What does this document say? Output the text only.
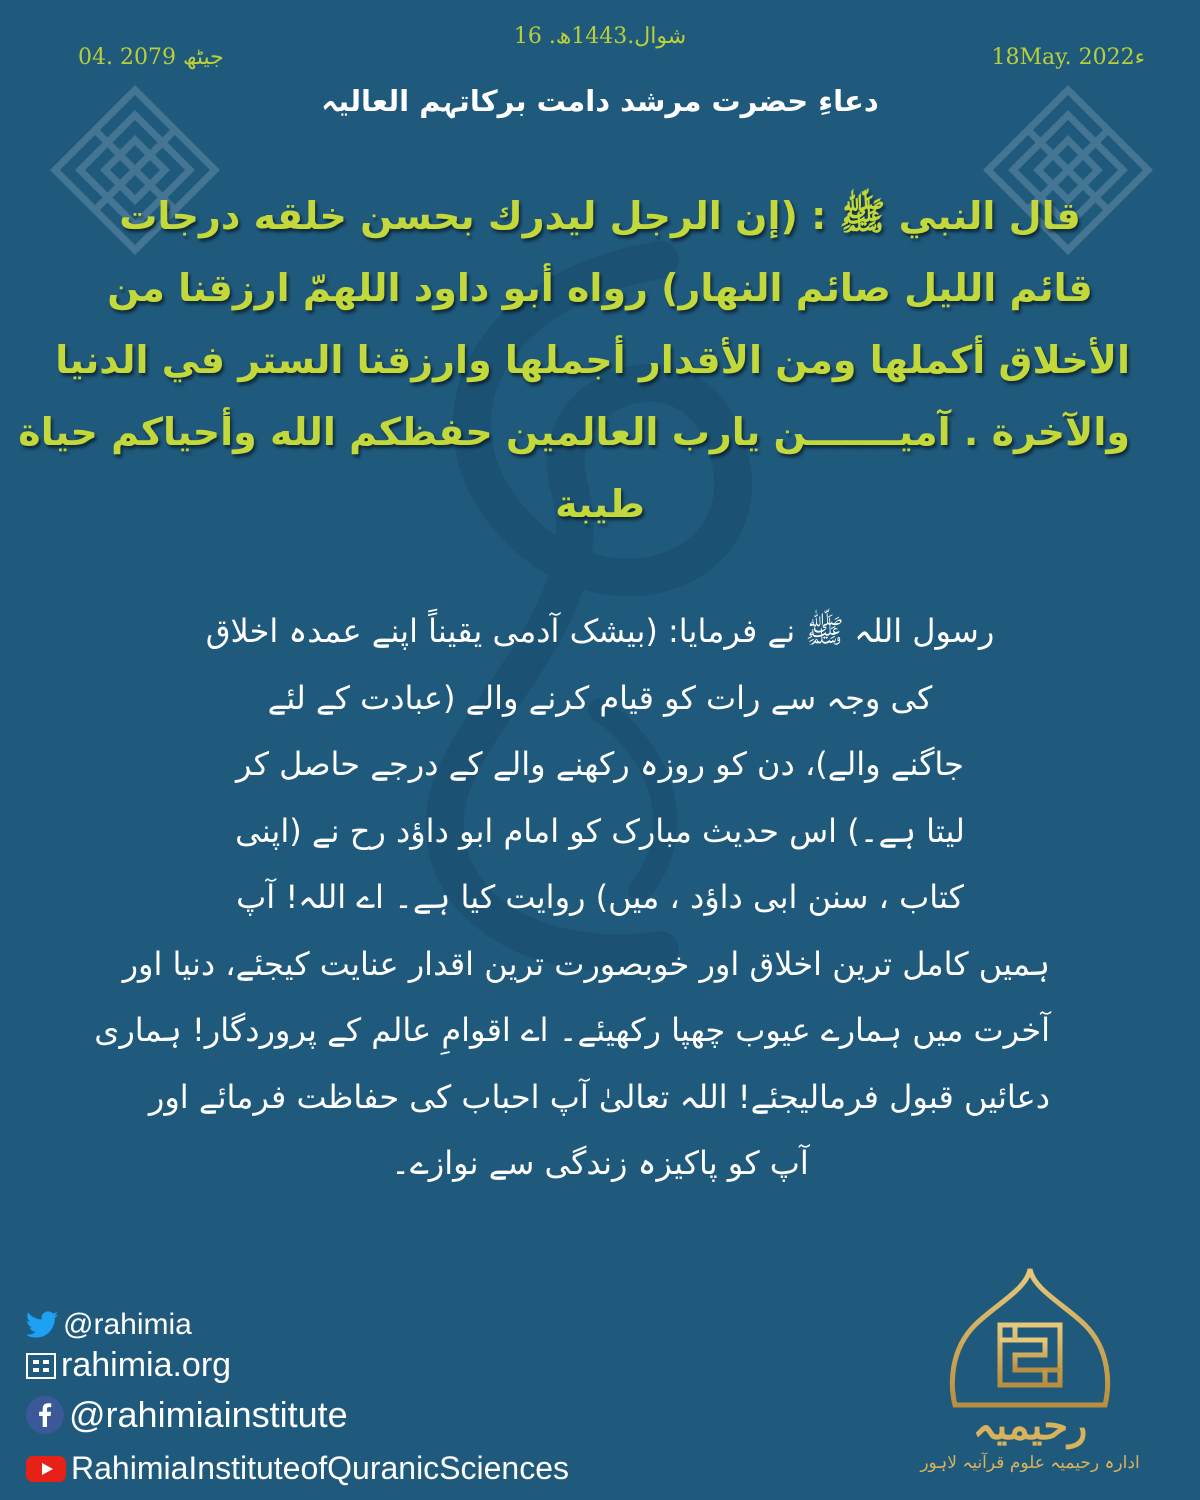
04. جیٹھ 2079
16 .شوال.1443ھ
18May. 2022ء
دعاءِ حضرت مرشد دامت برکاتہم العالیہ
قال النبي ﷺ : (إن الرجل ليدرك بحسن خلقه درجات
قائم الليل صائم النهار) رواه أبو داود اللهمّ ارزقنا من
الأخلاق أكملها ومن الأقدار أجملها وارزقنا الستر في الدنيا
والآخرة . آميـــــــن يارب العالمين حفظكم الله وأحياكم حياة
طيبة
رسول اللہ ﷺ نے فرمایا: (بیشک آدمی یقیناً اپنے عمدہ اخلاق
کی وجہ سے رات کو قیام کرنے والے (عبادت کے لئے
جاگنے والے)، دن کو روزہ رکھنے والے کے درجے حاصل کر
لیتا ہے۔) اس حدیث مبارک کو امام ابو داؤد رح نے (اپنی
کتاب ، سنن ابی داؤد ، میں) روایت کیا ہے۔ اے اللہ! آپ
ہمیں کامل ترین اخلاق اور خوبصورت ترین اقدار عنایت کیجئے، دنیا اور
آخرت میں ہمارے عیوب چھپا رکھیئے۔ اے اقوامِ عالم کے پروردگار! ہماری
دعائیں قبول فرمالیجئے! اللہ تعالیٰ آپ احباب کی حفاظت فرمائے اور
آپ کو پاکیزہ زندگی سے نوازے۔
@rahimia
rahimia.org
@rahimiainstitute
RahimiaInstituteofQuranicSciences
رحیمیہ
ادارہ رحیمیہ علوم قرآنیہ لاہور
